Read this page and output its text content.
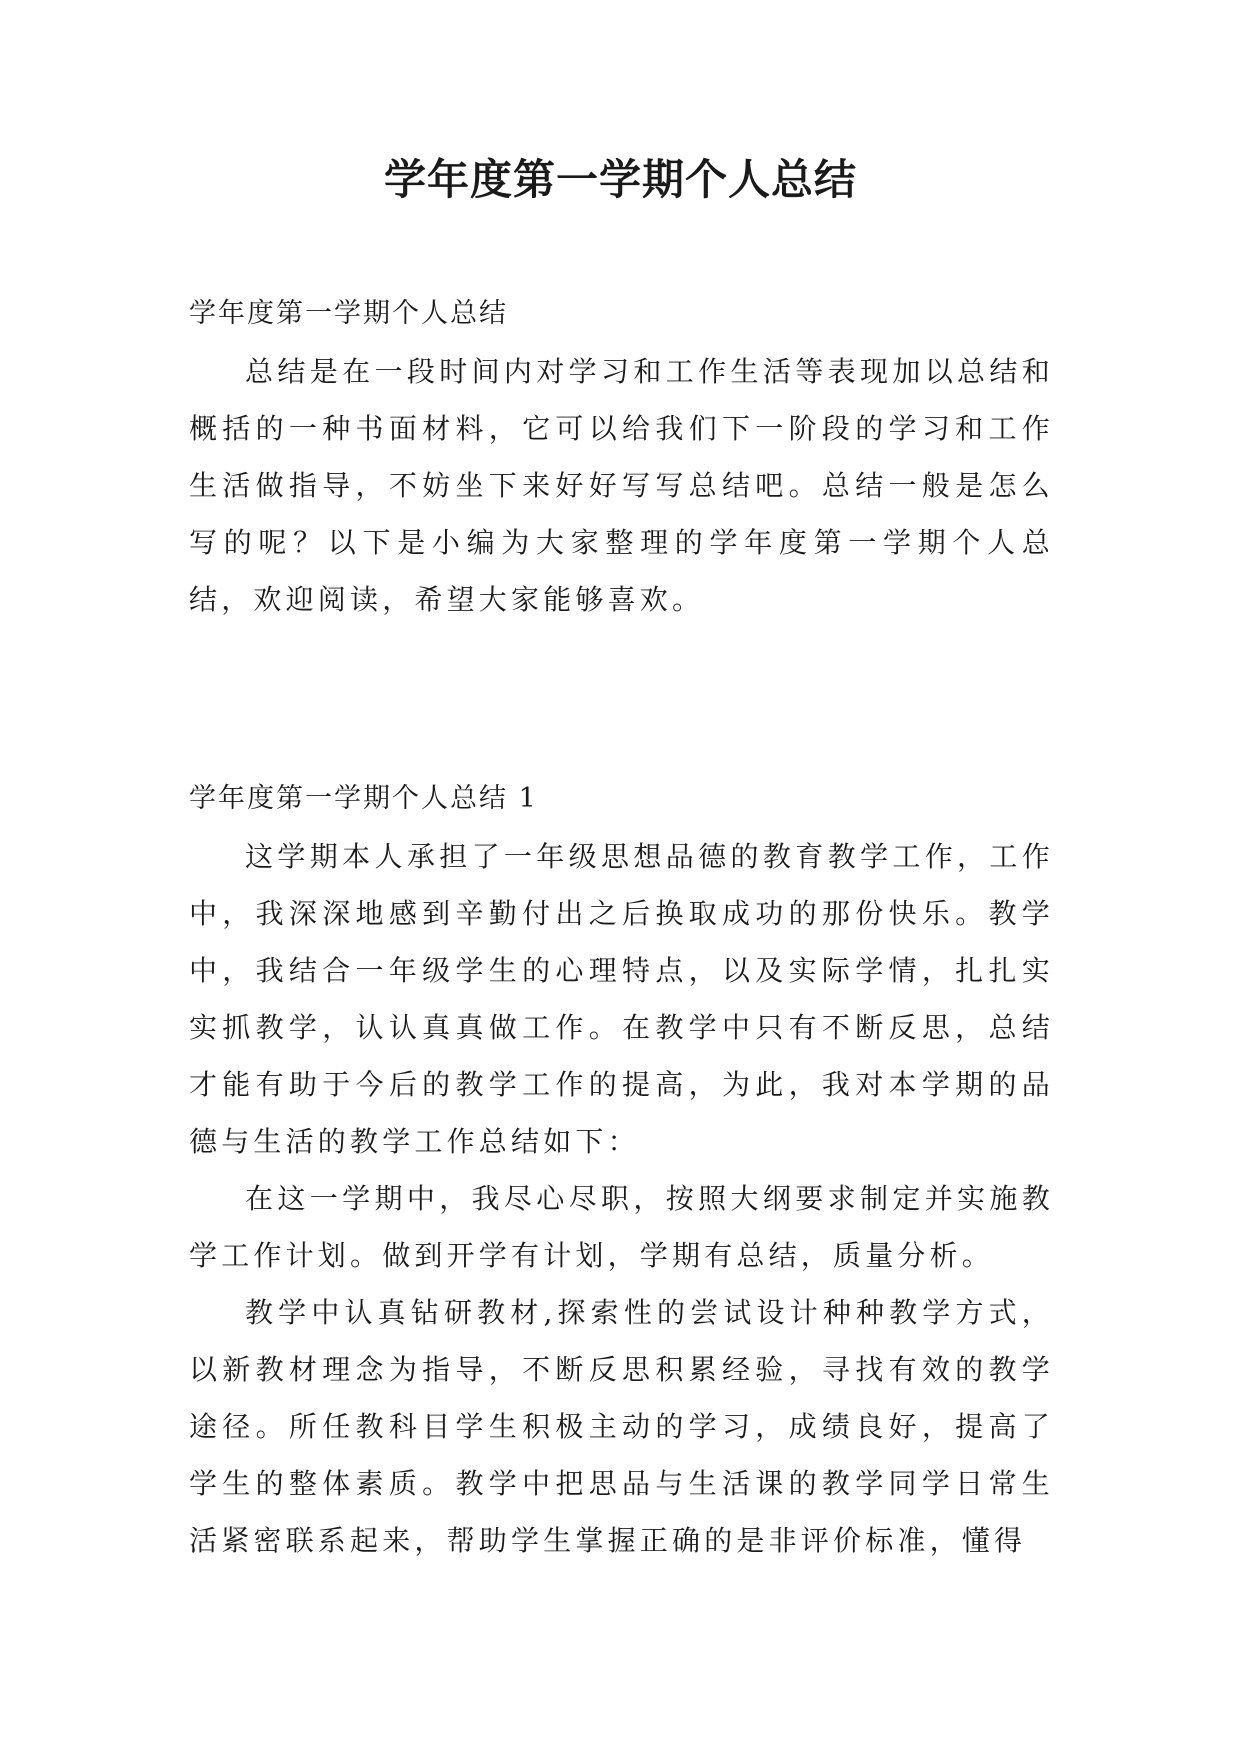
学年度第一学期个人总结

学年度第一学期个人总结

总结是在一段时间内对学习和工作生活等表现加以总结和概括的一种书面材料，它可以给我们下一阶段的学习和工作生活做指导，不妨坐下来好好写写总结吧。总结一般是怎么写的呢？以下是小编为大家整理的学年度第一学期个人总结，欢迎阅读，希望大家能够喜欢。

学年度第一学期个人总结 1

这学期本人承担了一年级思想品德的教育教学工作，工作中，我深深地感到辛勤付出之后换取成功的那份快乐。教学中，我结合一年级学生的心理特点，以及实际学情，扎扎实实抓教学，认认真真做工作。在教学中只有不断反思，总结才能有助于今后的教学工作的提高，为此，我对本学期的品德与生活的教学工作总结如下：

在这一学期中，我尽心尽职，按照大纲要求制定并实施教学工作计划。做到开学有计划，学期有总结，质量分析。

教学中认真钻研教材,探索性的尝试设计种种教学方式，以新教材理念为指导，不断反思积累经验，寻找有效的教学途径。所任教科目学生积极主动的学习，成绩良好，提高了学生的整体素质。教学中把思品与生活课的教学同学日常生活紧密联系起来，帮助学生掌握正确的是非评价标准，懂得
